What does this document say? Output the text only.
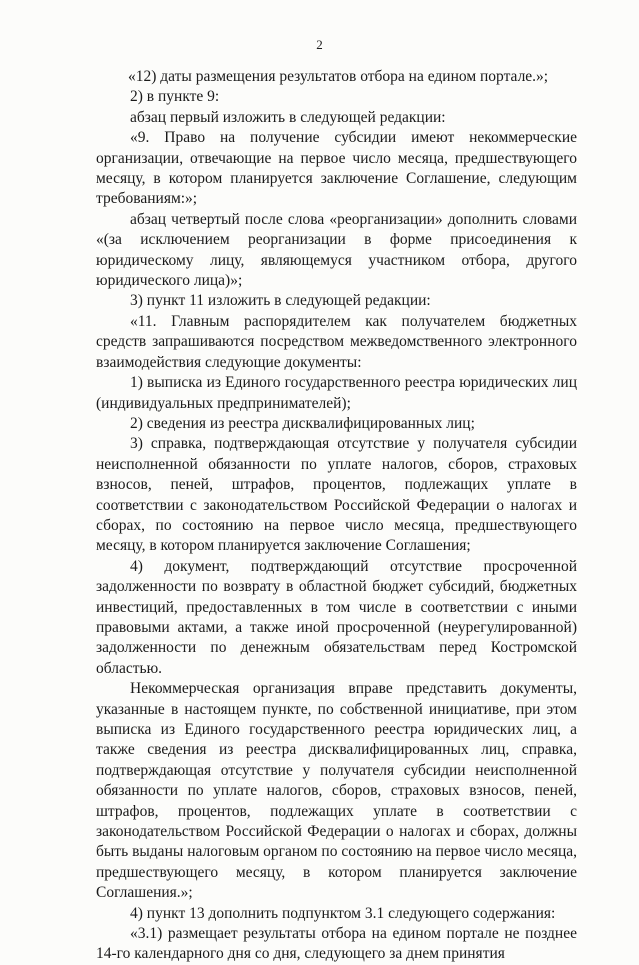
2

«12) даты размещения результатов отбора на едином портале.»;

2) в пункте 9:

абзац первый изложить в следующей редакции:

«9. Право на получение субсидии имеют некоммерческие организации, отвечающие на первое число месяца, предшествующего месяцу, в котором планируется заключение Соглашение, следующим требованиям:»;

абзац четвертый после слова «реорганизации» дополнить словами «(за исключением реорганизации в форме присоединения к юридическому лицу, являющемуся участником отбора, другого юридического лица)»;

3) пункт 11 изложить в следующей редакции:

«11. Главным распорядителем как получателем бюджетных средств запрашиваются посредством межведомственного электронного взаимодействия следующие документы:

1) выписка из Единого государственного реестра юридических лиц (индивидуальных предпринимателей);

2) сведения из реестра дисквалифицированных лиц;

3) справка, подтверждающая отсутствие у получателя субсидии неисполненной обязанности по уплате налогов, сборов, страховых взносов, пеней, штрафов, процентов, подлежащих уплате в соответствии с законодательством Российской Федерации о налогах и сборах, по состоянию на первое число месяца, предшествующего месяцу, в котором планируется заключение Соглашения;

4) документ, подтверждающий отсутствие просроченной задолженности по возврату в областной бюджет субсидий, бюджетных инвестиций, предоставленных в том числе в соответствии с иными правовыми актами, а также иной просроченной (неурегулированной) задолженности по денежным обязательствам перед Костромской областью.

Некоммерческая организация вправе представить документы, указанные в настоящем пункте, по собственной инициативе, при этом выписка из Единого государственного реестра юридических лиц, а также сведения из реестра дисквалифицированных лиц, справка, подтверждающая отсутствие у получателя субсидии неисполненной обязанности по уплате налогов, сборов, страховых взносов, пеней, штрафов, процентов, подлежащих уплате в соответствии с законодательством Российской Федерации о налогах и сборах, должны быть выданы налоговым органом по состоянию на первое число месяца, предшествующего месяцу, в котором планируется заключение Соглашения.»;

4) пункт 13 дополнить подпунктом 3.1 следующего содержания:

«3.1) размещает результаты отбора на едином портале не позднее 14-го календарного дня со дня, следующего за днем принятия
